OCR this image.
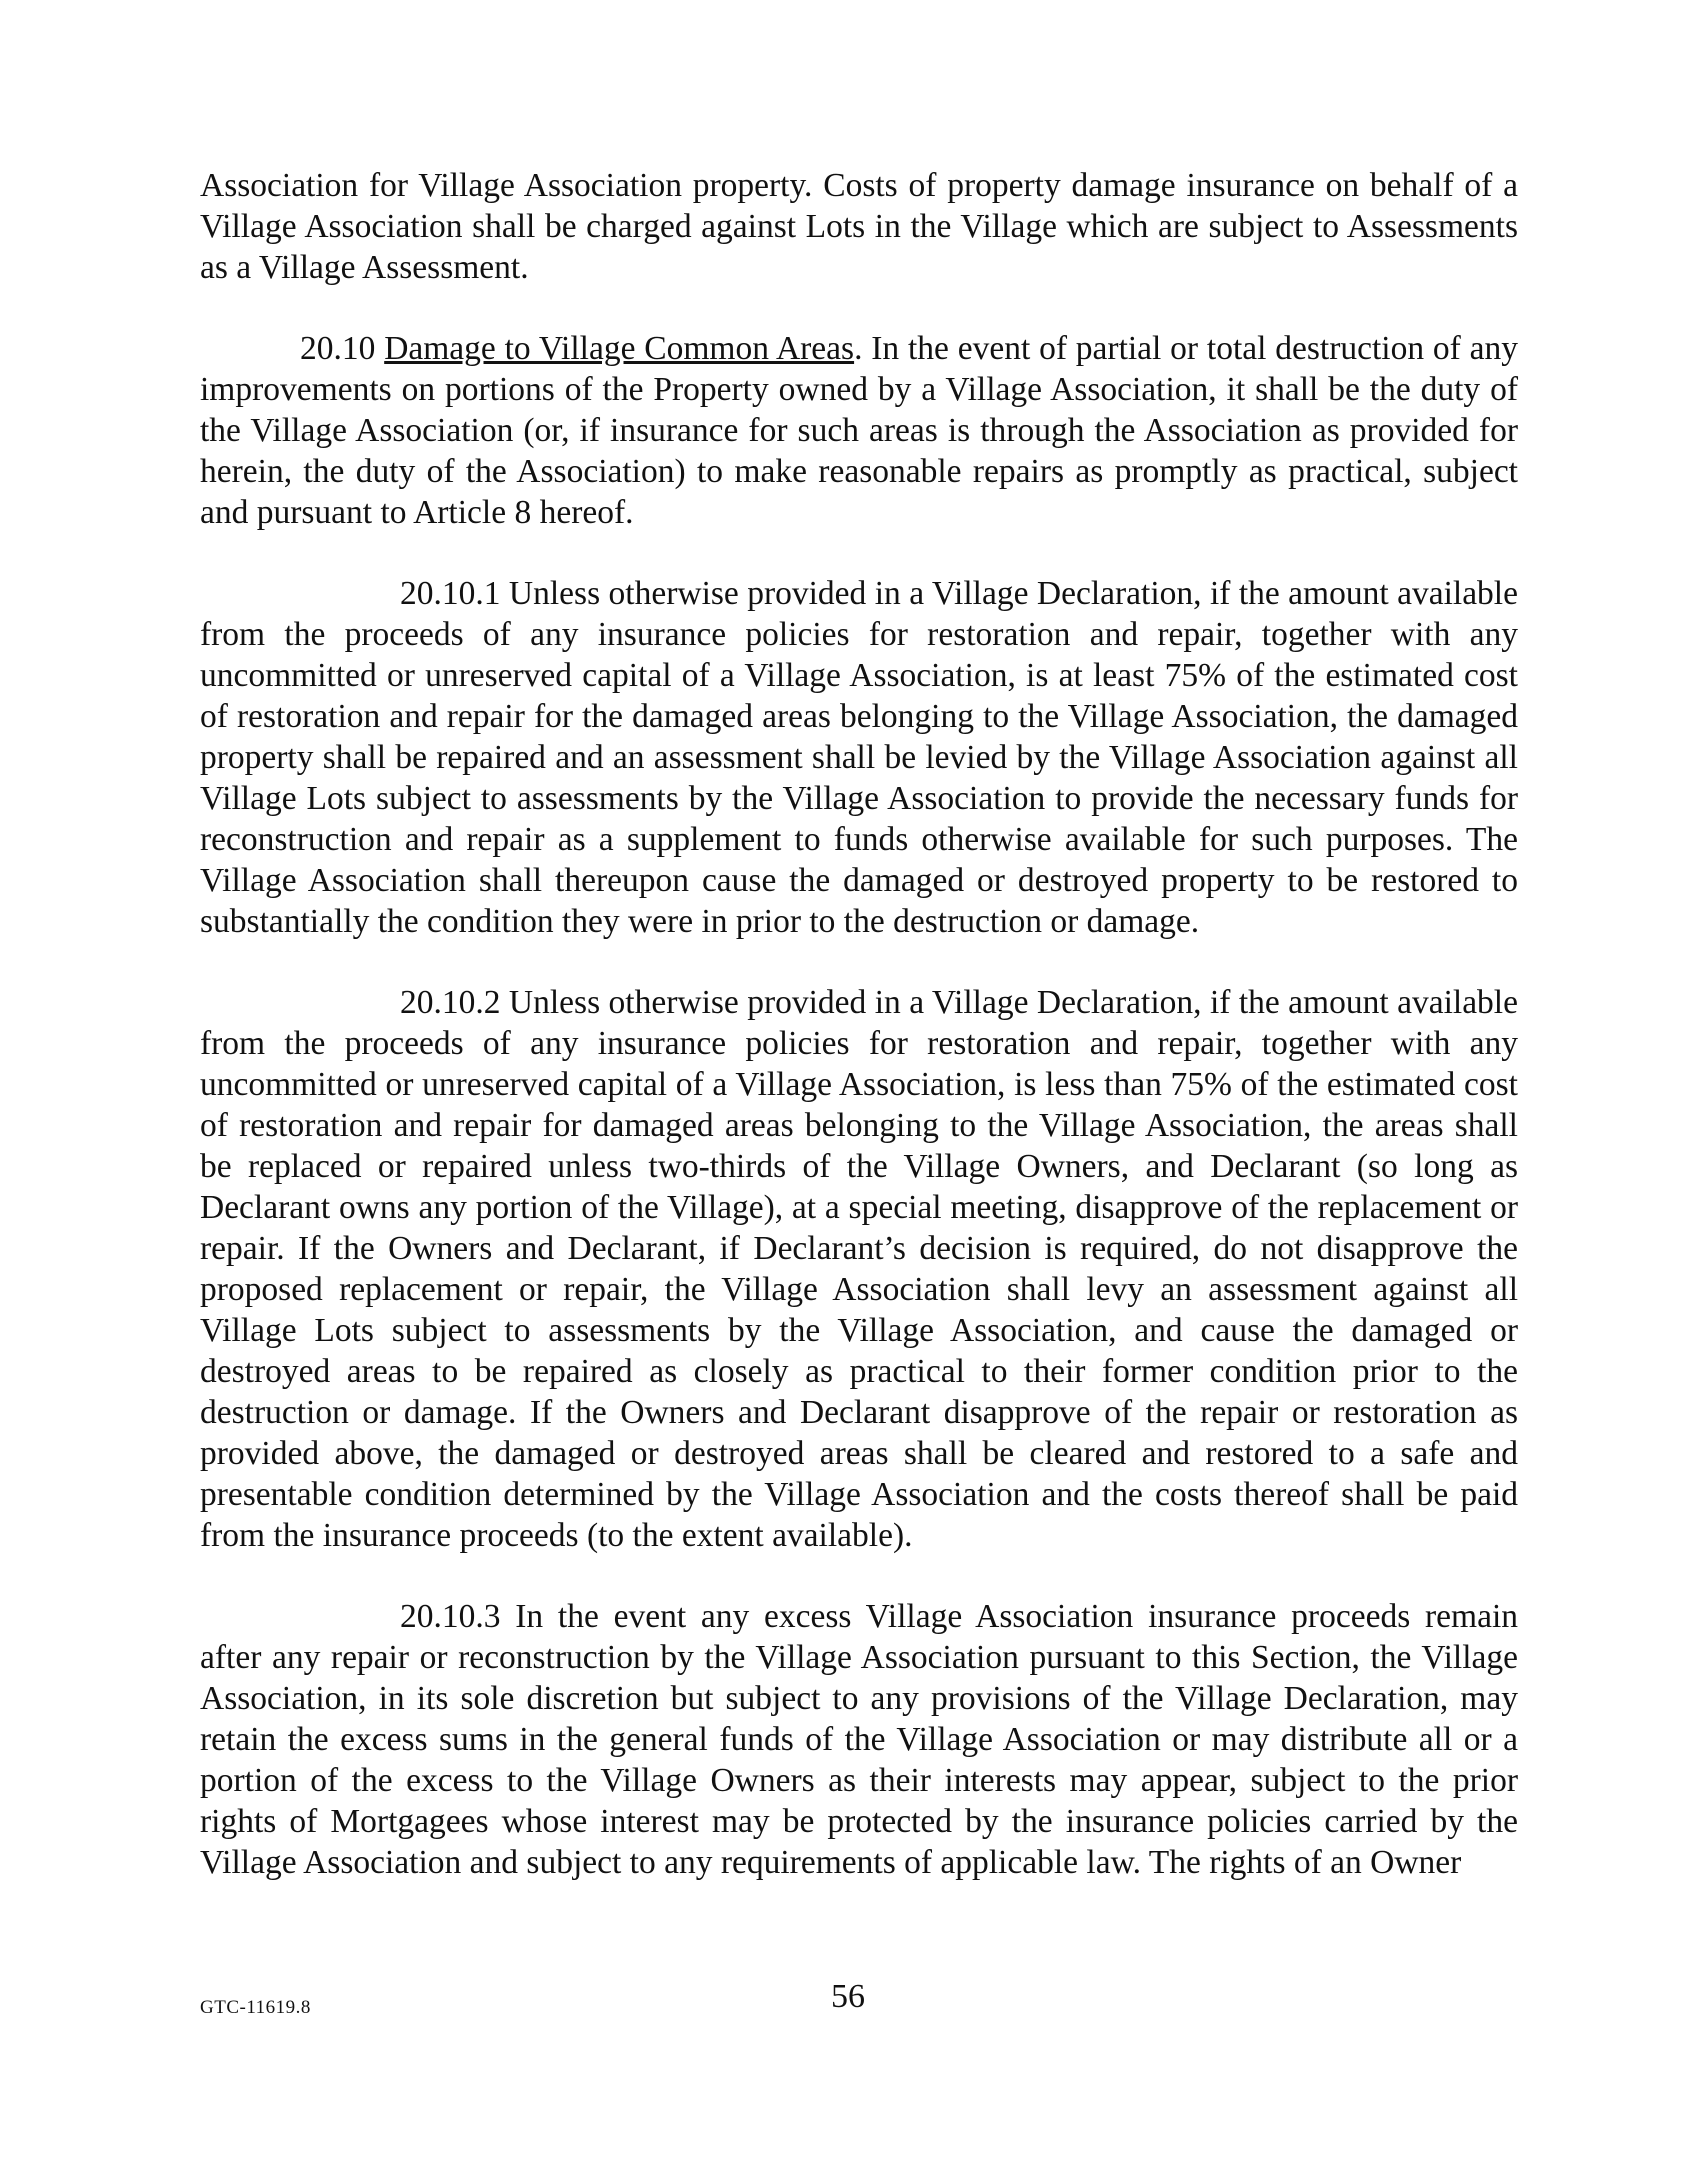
Association for Village Association property. Costs of property damage insurance on behalf of a Village Association shall be charged against Lots in the Village which are subject to Assessments as a Village Assessment.

20.10 Damage to Village Common Areas. In the event of partial or total destruction of any improvements on portions of the Property owned by a Village Association, it shall be the duty of the Village Association (or, if insurance for such areas is through the Association as provided for herein, the duty of the Association) to make reasonable repairs as promptly as practical, subject and pursuant to Article 8 hereof.

20.10.1 Unless otherwise provided in a Village Declaration, if the amount available from the proceeds of any insurance policies for restoration and repair, together with any uncommitted or unreserved capital of a Village Association, is at least 75% of the estimated cost of restoration and repair for the damaged areas belonging to the Village Association, the damaged property shall be repaired and an assessment shall be levied by the Village Association against all Village Lots subject to assessments by the Village Association to provide the necessary funds for reconstruction and repair as a supplement to funds otherwise available for such purposes. The Village Association shall thereupon cause the damaged or destroyed property to be restored to substantially the condition they were in prior to the destruction or damage.

20.10.2 Unless otherwise provided in a Village Declaration, if the amount available from the proceeds of any insurance policies for restoration and repair, together with any uncommitted or unreserved capital of a Village Association, is less than 75% of the estimated cost of restoration and repair for damaged areas belonging to the Village Association, the areas shall be replaced or repaired unless two-thirds of the Village Owners, and Declarant (so long as Declarant owns any portion of the Village), at a special meeting, disapprove of the replacement or repair. If the Owners and Declarant, if Declarant’s decision is required, do not disapprove the proposed replacement or repair, the Village Association shall levy an assessment against all Village Lots subject to assessments by the Village Association, and cause the damaged or destroyed areas to be repaired as closely as practical to their former condition prior to the destruction or damage. If the Owners and Declarant disapprove of the repair or restoration as provided above, the damaged or destroyed areas shall be cleared and restored to a safe and presentable condition determined by the Village Association and the costs thereof shall be paid from the insurance proceeds (to the extent available).

20.10.3 In the event any excess Village Association insurance proceeds remain after any repair or reconstruction by the Village Association pursuant to this Section, the Village Association, in its sole discretion but subject to any provisions of the Village Declaration, may retain the excess sums in the general funds of the Village Association or may distribute all or a portion of the excess to the Village Owners as their interests may appear, subject to the prior rights of Mortgagees whose interest may be protected by the insurance policies carried by the Village Association and subject to any requirements of applicable law. The rights of an Owner

GTC-11619.8	56
